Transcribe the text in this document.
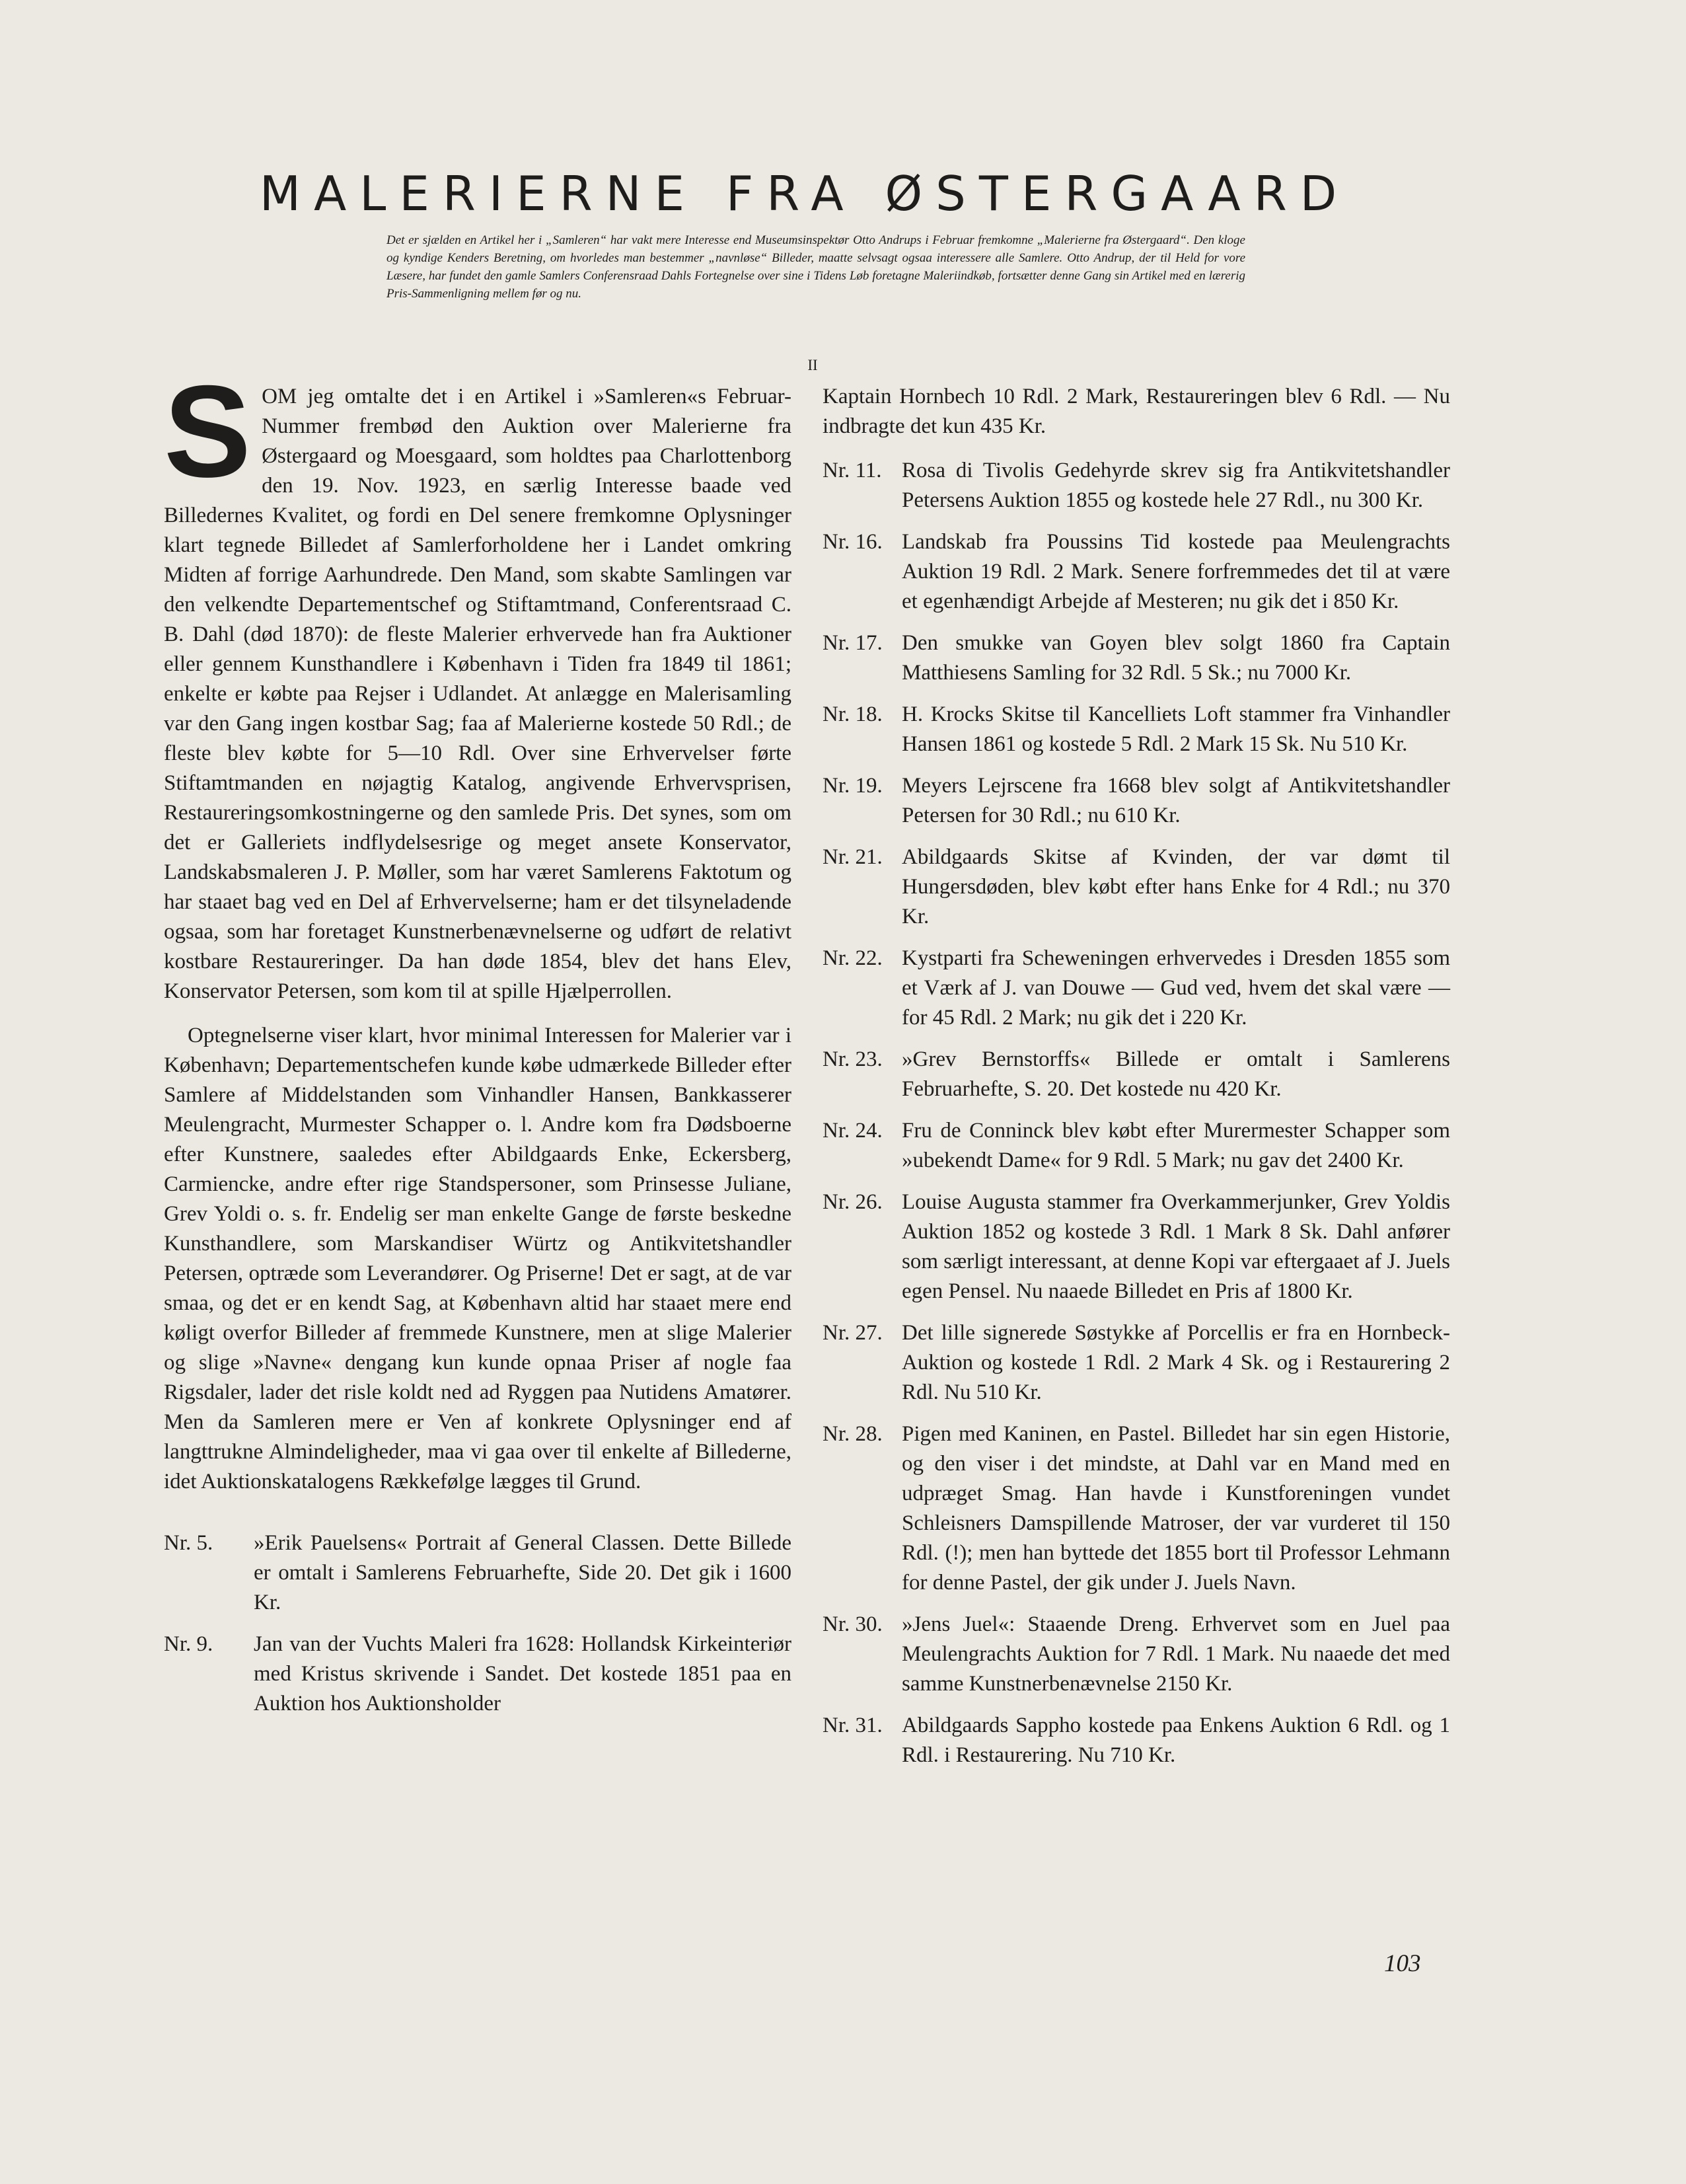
MALERIERNE FRA ØSTERGAARD

Det er sjælden en Artikel her i „Samleren“ har vakt mere Interesse end Museumsinspektør Otto Andrups i Februar fremkomne „Malerierne fra Østergaard“. Den kloge og kyndige Kenders Beretning, om hvorledes man bestemmer „navnløse“ Billeder, maatte selvsagt ogsaa interessere alle Samlere. Otto Andrup, der til Held for vore Læsere, har fundet den gamle Samlers Conferensraad Dahls Fortegnelse over sine i Tidens Løb foretagne Maleriindkøb, fortsætter denne Gang sin Artikel med en lærerig Pris-Sammenligning mellem før og nu.

II

S OM jeg omtalte det i en Artikel i »Samleren«s Februar-Nummer frembød den Auktion over Malerierne fra Østergaard og Moesgaard, som holdtes paa Charlottenborg den 19. Nov. 1923, en særlig Interesse baade ved Billedernes Kvalitet, og fordi en Del senere fremkomne Oplysninger klart tegnede Billedet af Samlerforholdene her i Landet omkring Midten af forrige Aarhundrede. Den Mand, som skabte Samlingen var den velkendte Departementschef og Stiftamtmand, Conferentsraad C. B. Dahl (død 1870): de fleste Malerier erhvervede han fra Auktioner eller gennem Kunsthandlere i København i Tiden fra 1849 til 1861; enkelte er købte paa Rejser i Udlandet. At anlægge en Malerisamling var den Gang ingen kostbar Sag; faa af Malerierne kostede 50 Rdl.; de fleste blev købte for 5—10 Rdl. Over sine Erhvervelser førte Stiftamtmanden en nøjagtig Katalog, angivende Erhvervsprisen, Restaureringsomkostningerne og den samlede Pris. Det synes, som om det er Galleriets indflydelsesrige og meget ansete Konservator, Landskabsmaleren J. P. Møller, som har været Samlerens Faktotum og har staaet bag ved en Del af Erhvervelserne; ham er det tilsyneladende ogsaa, som har foretaget Kunstnerbenævnelserne og udført de relativt kostbare Restaureringer. Da han døde 1854, blev det hans Elev, Konservator Petersen, som kom til at spille Hjælperrollen.

Optegnelserne viser klart, hvor minimal Interessen for Malerier var i København; Departementschefen kunde købe udmærkede Billeder efter Samlere af Middelstanden som Vinhandler Hansen, Bankkasserer Meulengracht, Murmester Schapper o. l. Andre kom fra Dødsboerne efter Kunstnere, saaledes efter Abildgaards Enke, Eckersberg, Carmiencke, andre efter rige Standspersoner, som Prinsesse Juliane, Grev Yoldi o. s. fr. Endelig ser man enkelte Gange de første beskedne Kunsthandlere, som Marskandiser Würtz og Antikvitetshandler Petersen, optræde som Leverandører. Og Priserne! Det er sagt, at de var smaa, og det er en kendt Sag, at København altid har staaet mere end køligt overfor Billeder af fremmede Kunstnere, men at slige Malerier og slige »Navne« dengang kun kunde opnaa Priser af nogle faa Rigsdaler, lader det risle koldt ned ad Ryggen paa Nutidens Amatører. Men da Samleren mere er Ven af konkrete Oplysninger end af langttrukne Almindeligheder, maa vi gaa over til enkelte af Billederne, idet Auktionskatalogens Rækkefølge lægges til Grund.

Nr. 5.	»Erik Pauelsens« Portrait af General Classen. Dette Billede er omtalt i Samlerens Februarhefte, Side 20. Det gik i 1600 Kr.
Nr. 9.	Jan van der Vuchts Maleri fra 1628: Hollandsk Kirkeinteriør med Kristus skrivende i Sandet. Det kostede 1851 paa en Auktion hos Auktionsholder

Kaptain Hornbech 10 Rdl. 2 Mark, Restaureringen blev 6 Rdl. — Nu indbragte det kun 435 Kr.

Nr. 11. Rosa di Tivolis Gedehyrde skrev sig fra Antikvitetshandler Petersens Auktion 1855 og kostede hele 27 Rdl., nu 300 Kr.
Nr. 16. Landskab fra Poussins Tid kostede paa Meulengrachts Auktion 19 Rdl. 2 Mark. Senere forfremmedes det til at være et egenhændigt Arbejde af Mesteren; nu gik det i 850 Kr.
Nr. 17. Den smukke van Goyen blev solgt 1860 fra Captain Matthiesens Samling for 32 Rdl. 5 Sk.; nu 7000 Kr.
Nr. 18. H. Krocks Skitse til Kancelliets Loft stammer fra Vinhandler Hansen 1861 og kostede 5 Rdl. 2 Mark 15 Sk. Nu 510 Kr.
Nr. 19. Meyers Lejrscene fra 1668 blev solgt af Antikvitetshandler Petersen for 30 Rdl.; nu 610 Kr.
Nr. 21. Abildgaards Skitse af Kvinden, der var dømt til Hungersdøden, blev købt efter hans Enke for 4 Rdl.; nu 370 Kr.
Nr. 22. Kystparti fra Scheweningen erhvervedes i Dresden 1855 som et Værk af J. van Douwe — Gud ved, hvem det skal være — for 45 Rdl. 2 Mark; nu gik det i 220 Kr.
Nr. 23. »Grev Bernstorffs« Billede er omtalt i Samlerens Februarhefte, S. 20. Det kostede nu 420 Kr.
Nr. 24. Fru de Conninck blev købt efter Murermester Schapper som »ubekendt Dame« for 9 Rdl. 5 Mark; nu gav det 2400 Kr.
Nr. 26. Louise Augusta stammer fra Overkammerjunker, Grev Yoldis Auktion 1852 og kostede 3 Rdl. 1 Mark 8 Sk. Dahl anfører som særligt interessant, at denne Kopi var eftergaaet af J. Juels egen Pensel. Nu naaede Billedet en Pris af 1800 Kr.
Nr. 27. Det lille signerede Søstykke af Porcellis er fra en Hornbeck-Auktion og kostede 1 Rdl. 2 Mark 4 Sk. og i Restaurering 2 Rdl. Nu 510 Kr.
Nr. 28. Pigen med Kaninen, en Pastel. Billedet har sin egen Historie, og den viser i det mindste, at Dahl var en Mand med en udpræget Smag. Han havde i Kunstforeningen vundet Schleisners Damspillende Matroser, der var vurderet til 150 Rdl. (!); men han byttede det 1855 bort til Professor Lehmann for denne Pastel, der gik under J. Juels Navn.
Nr. 30. »Jens Juel«: Staaende Dreng. Erhvervet som en Juel paa Meulengrachts Auktion for 7 Rdl. 1 Mark. Nu naaede det med samme Kunstnerbenævnelse 2150 Kr.
Nr. 31. Abildgaards Sappho kostede paa Enkens Auktion 6 Rdl. og 1 Rdl. i Restaurering. Nu 710 Kr.

103
